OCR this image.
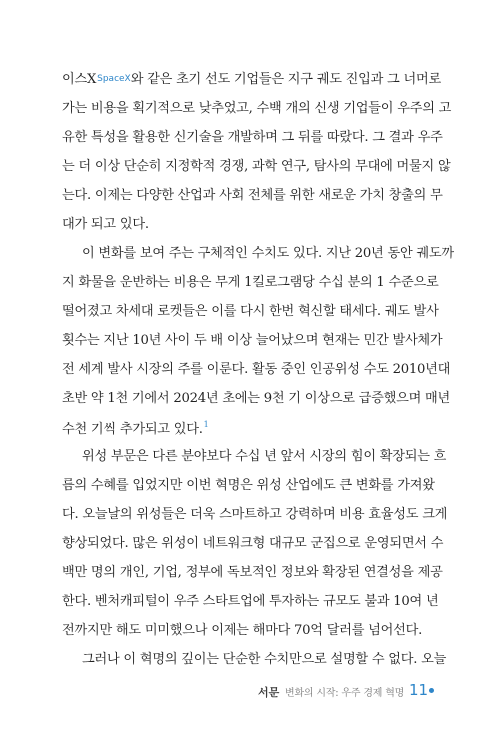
이스XSpaceX와 같은 초기 선도 기업들은 지구 궤도 진입과 그 너머로
가는 비용을 획기적으로 낮추었고, 수백 개의 신생 기업들이 우주의 고
유한 특성을 활용한 신기술을 개발하며 그 뒤를 따랐다. 그 결과 우주
는 더 이상 단순히 지정학적 경쟁, 과학 연구, 탐사의 무대에 머물지 않
는다. 이제는 다양한 산업과 사회 전체를 위한 새로운 가치 창출의 무
대가 되고 있다.
이 변화를 보여 주는 구체적인 수치도 있다. 지난 20년 동안 궤도까
지 화물을 운반하는 비용은 무게 1킬로그램당 수십 분의 1 수준으로
떨어졌고 차세대 로켓들은 이를 다시 한번 혁신할 태세다. 궤도 발사
횟수는 지난 10년 사이 두 배 이상 늘어났으며 현재는 민간 발사체가
전 세계 발사 시장의 주를 이룬다. 활동 중인 인공위성 수도 2010년대
초반 약 1천 기에서 2024년 초에는 9천 기 이상으로 급증했으며 매년
수천 기씩 추가되고 있다.$^1$
위성 부문은 다른 분야보다 수십 년 앞서 시장의 힘이 확장되는 흐
름의 수혜를 입었지만 이번 혁명은 위성 산업에도 큰 변화를 가져왔
다. 오늘날의 위성들은 더욱 스마트하고 강력하며 비용 효율성도 크게
향상되었다. 많은 위성이 네트워크형 대규모 군집으로 운영되면서 수
백만 명의 개인, 기업, 정부에 독보적인 정보와 확장된 연결성을 제공
한다. 벤처캐피털이 우주 스타트업에 투자하는 규모도 불과 10여 년
전까지만 해도 미미했으나 이제는 해마다 70억 달러를 넘어선다.
그러나 이 혁명의 깊이는 단순한 수치만으로 설명할 수 없다. 오늘
서문 변화의 시작: 우주 경제 혁명 11
